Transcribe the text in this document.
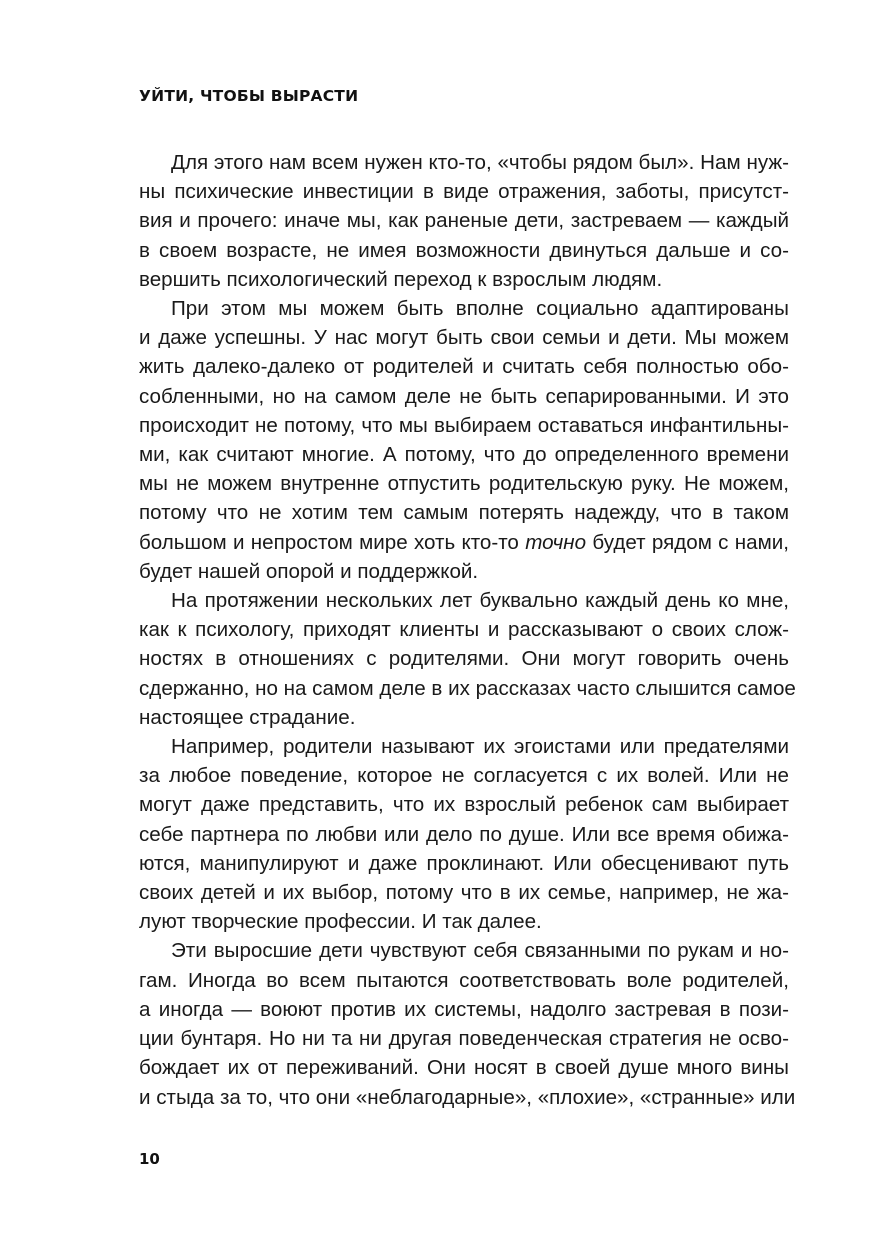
УЙТИ, ЧТОБЫ ВЫРАСТИ
Для этого нам всем нужен кто-то, «чтобы рядом был». Нам нуж-
ны психические инвестиции в виде отражения, заботы, присутст-
вия и прочего: иначе мы, как раненые дети, застреваем — каждый
в своем возрасте, не имея возможности двинуться дальше и со-
вершить психологический переход к взрослым людям.
При этом мы можем быть вполне социально адаптированы
и даже успешны. У нас могут быть свои семьи и дети. Мы можем
жить далеко-далеко от родителей и считать себя полностью обо-
собленными, но на самом деле не быть сепарированными. И это
происходит не потому, что мы выбираем оставаться инфантильны-
ми, как считают многие. А потому, что до определенного времени
мы не можем внутренне отпустить родительскую руку. Не можем,
потому что не хотим тем самым потерять надежду, что в таком
большом и непростом мире хоть кто-то точно будет рядом с нами,
будет нашей опорой и поддержкой.
На протяжении нескольких лет буквально каждый день ко мне,
как к психологу, приходят клиенты и рассказывают о своих слож-
ностях в отношениях с родителями. Они могут говорить очень
сдержанно, но на самом деле в их рассказах часто слышится самое
настоящее страдание.
Например, родители называют их эгоистами или предателями
за любое поведение, которое не согласуется с их волей. Или не
могут даже представить, что их взрослый ребенок сам выбирает
себе партнера по любви или дело по душе. Или все время обижа-
ются, манипулируют и даже проклинают. Или обесценивают путь
своих детей и их выбор, потому что в их семье, например, не жа-
луют творческие профессии. И так далее.
Эти выросшие дети чувствуют себя связанными по рукам и но-
гам. Иногда во всем пытаются соответствовать воле родителей,
а иногда — воюют против их системы, надолго застревая в пози-
ции бунтаря. Но ни та ни другая поведенческая стратегия не осво-
бождает их от переживаний. Они носят в своей душе много вины
и стыда за то, что они «неблагодарные», «плохие», «странные» или
10
